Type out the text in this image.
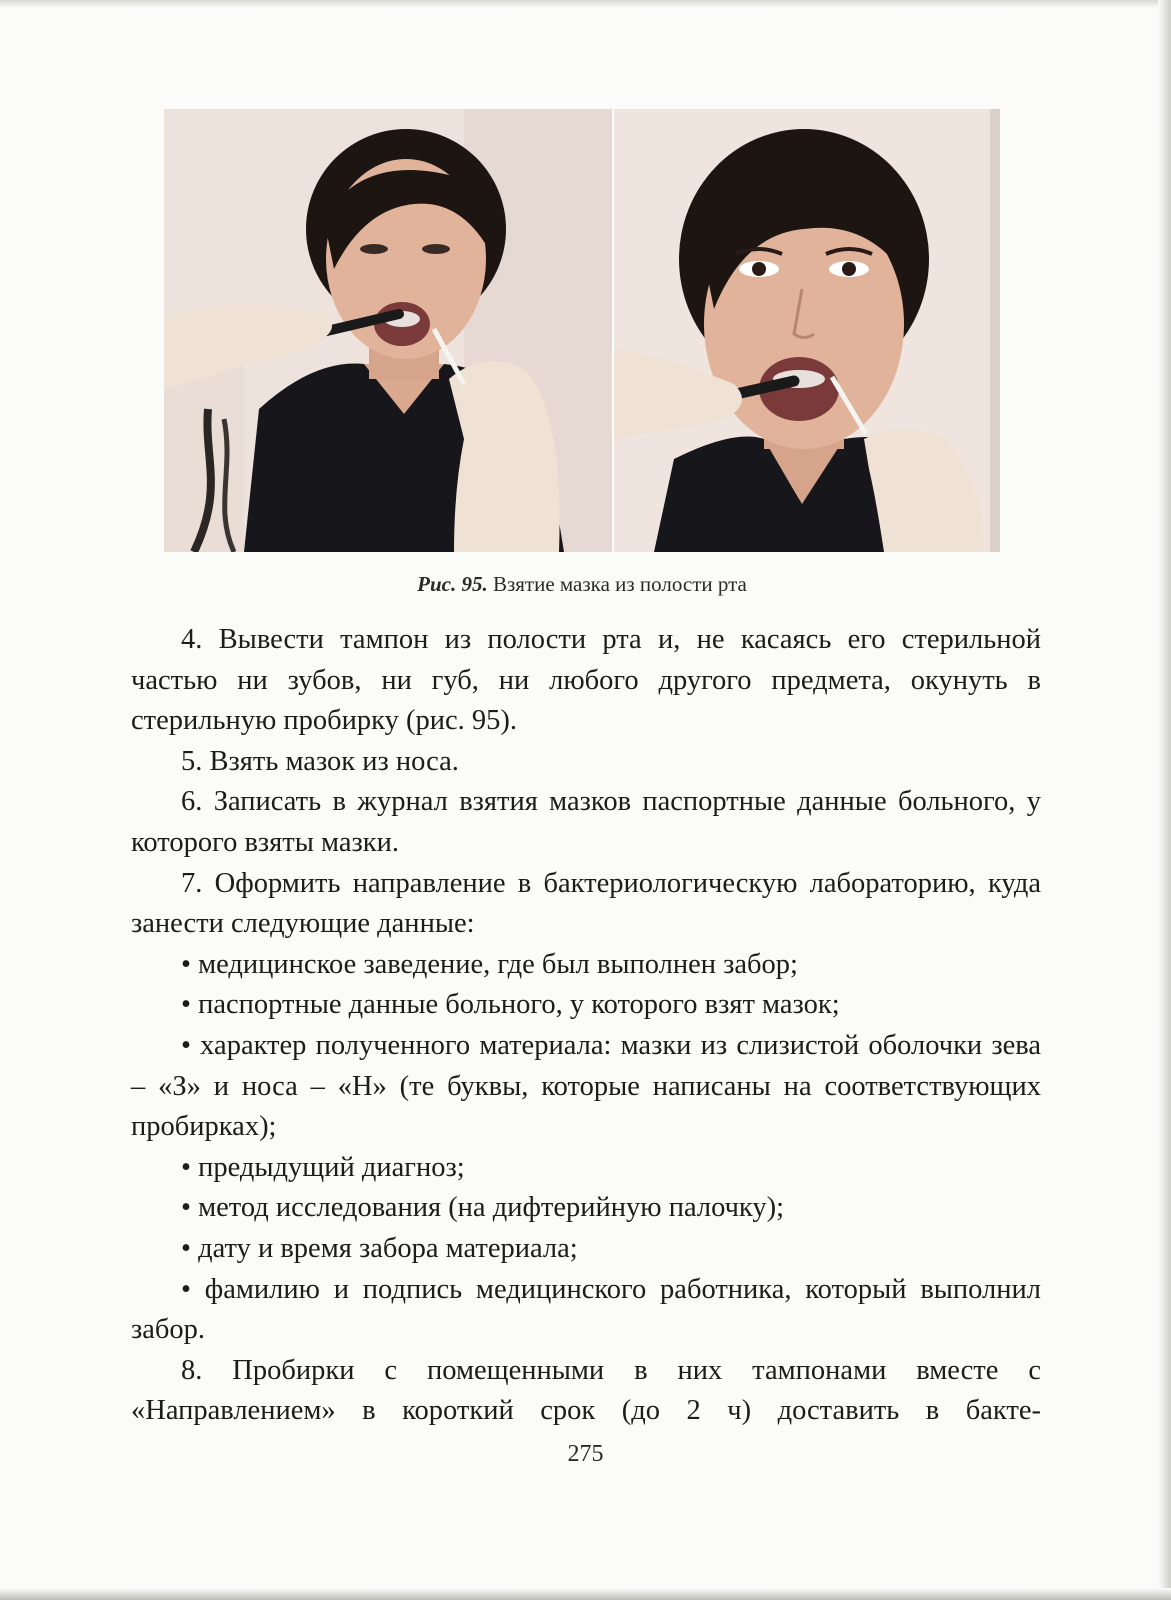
Рис. 95. Взятие мазка из полости рта

4. Вывести тампон из полости рта и, не касаясь его стерильной частью ни зубов, ни губ, ни любого другого предмета, окунуть в стерильную пробирку (рис. 95).

5. Взять мазок из носа.

6. Записать в журнал взятия мазков паспортные данные больного, у которого взяты мазки.

7. Оформить направление в бактериологическую лабораторию, куда занести следующие данные:

• медицинское заведение, где был выполнен забор;

• паспортные данные больного, у которого взят мазок;

• характер полученного материала: мазки из слизистой оболочки зева – «З» и носа – «Н» (те буквы, которые написаны на соответствующих пробирках);

• предыдущий диагноз;

• метод исследования (на дифтерийную палочку);

• дату и время забора материала;

• фамилию и подпись медицинского работника, который выполнил забор.

8. Пробирки с помещенными в них тампонами вместе с «Направлением» в короткий срок (до 2 ч) доставить в бакте-

275
